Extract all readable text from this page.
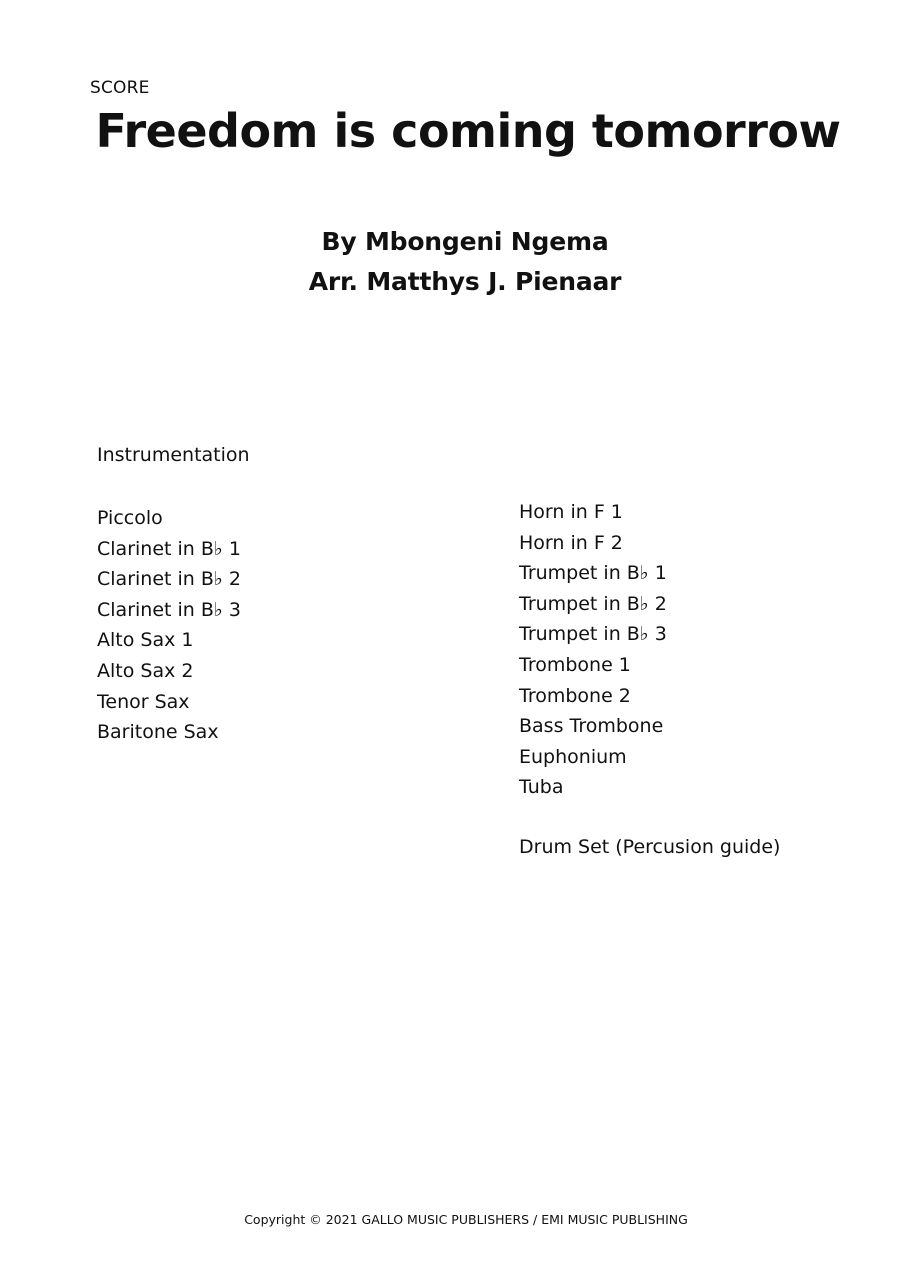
SCORE
Freedom is coming tomorrow
By Mbongeni Ngema
Arr. Matthys J. Pienaar
Instrumentation
Piccolo
Clarinet in B♭ 1
Clarinet in B♭ 2
Clarinet in B♭ 3
Alto Sax 1
Alto Sax 2
Tenor Sax
Baritone Sax
Horn in F 1
Horn in F 2
Trumpet in B♭ 1
Trumpet in B♭ 2
Trumpet in B♭ 3
Trombone 1
Trombone 2
Bass Trombone
Euphonium
Tuba
Drum Set (Percusion guide)
Copyright © 2021 GALLO MUSIC PUBLISHERS / EMI MUSIC PUBLISHING
